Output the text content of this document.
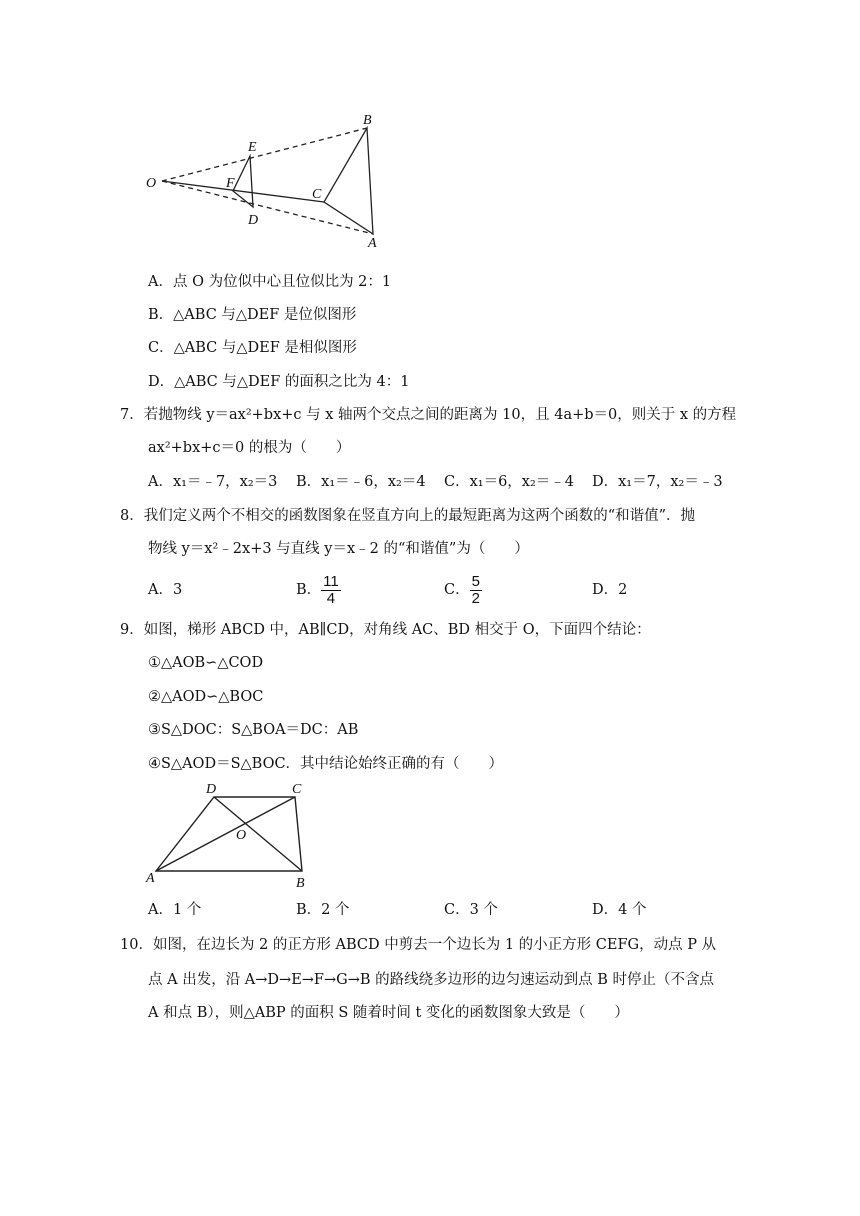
B
E
O	F
C
D
A
A．点 O 为位似中心且位似比为 2：1
B．△ABC 与△DEF 是位似图形
C．△ABC 与△DEF 是相似图形
D．△ABC 与△DEF 的面积之比为 4：1
7．若抛物线 y＝ax²+bx+c 与 x 轴两个交点之间的距离为 10，且 4a+b＝0，则关于 x 的方程
ax²+bx+c＝0 的根为（　　）
A．x₁＝﹣7，x₂＝3 B．x₁＝﹣6，x₂＝4 C．x₁＝6，x₂＝﹣4 D．x₁＝7，x₂＝﹣3
8．我们定义两个不相交的函数图象在竖直方向上的最短距离为这两个函数的“和谐值”．抛
物线 y＝x²﹣2x+3 与直线 y＝x﹣2 的“和谐值”为（　　）
A．3	B． $\frac{11}{4}$	C． $\frac{5}{2}$	D．2
9．如图，梯形 ABCD 中，AB∥CD，对角线 AC、BD 相交于 O，下面四个结论：
①△AOB∽△COD
②△AOD∽△BOC
③S△DOC：S△BOA＝DC：AB
④S△AOD＝S△BOC．其中结论始终正确的有（　　）
D	C
O
A	B
A．1 个	B．2 个	C．3 个	D．4 个
10．如图，在边长为 2 的正方形 ABCD 中剪去一个边长为 1 的小正方形 CEFG，动点 P 从
点 A 出发，沿 A→D→E→F→G→B 的路线绕多边形的边匀速运动到点 B 时停止（不含点
A 和点 B），则△ABP 的面积 S 随着时间 t 变化的函数图象大致是（　　）
